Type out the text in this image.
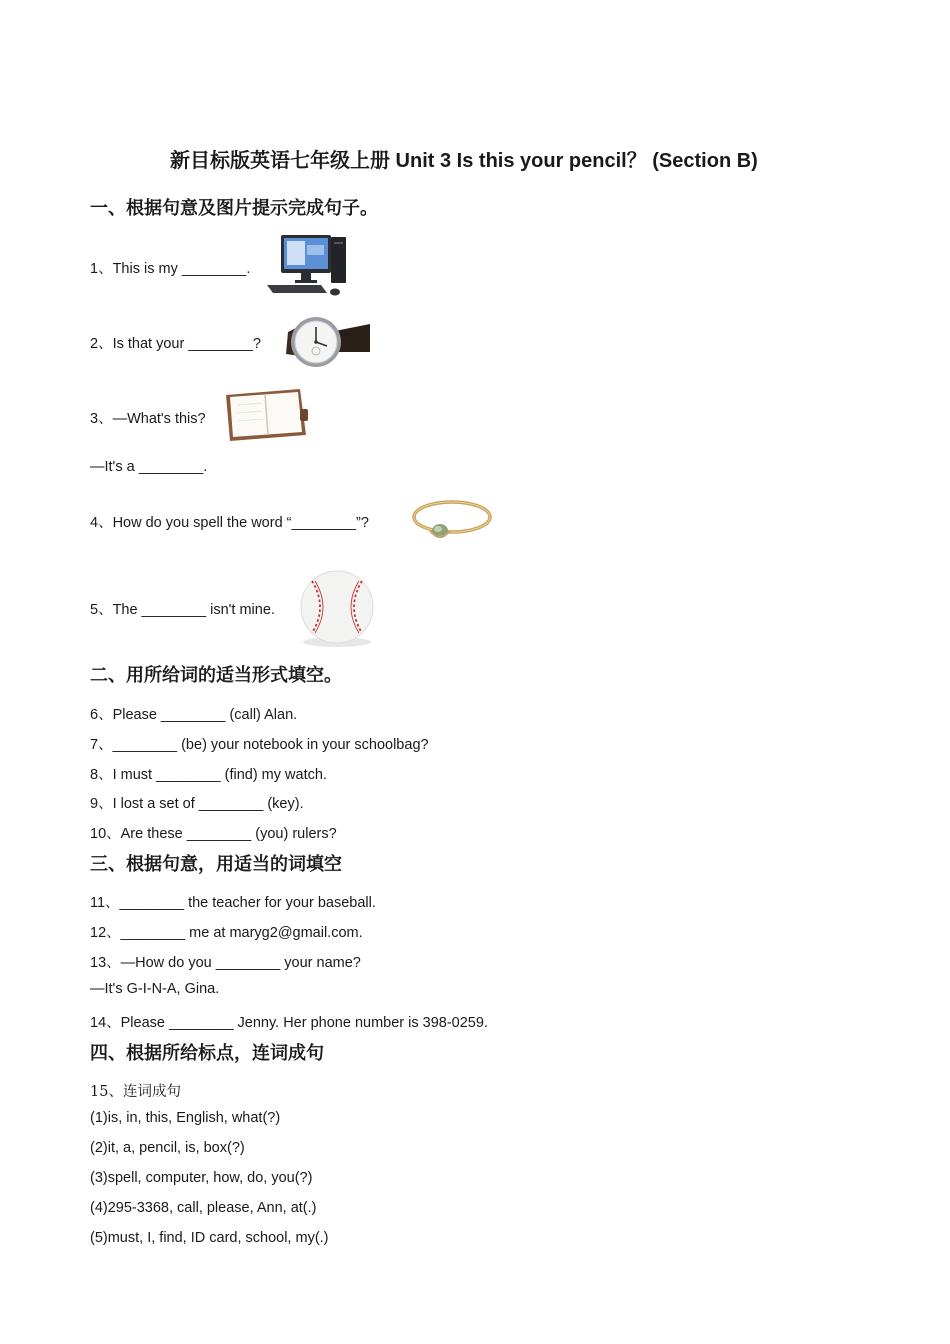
新目标版英语七年级上册 Unit 3 Is this your pencil？ (Section B)
一、根据句意及图片提示完成句子。
1、This is my ________.
2、Is that your ________?
3、—What's this?
—It's a ________.
4、How do you spell the word “________”?
5、The ________ isn't mine.
二、用所给词的适当形式填空。
6、Please ________ (call) Alan.
7、________ (be) your notebook in your schoolbag?
8、I must ________ (find) my watch.
9、I lost a set of ________ (key).
10、Are these ________ (you) rulers?
三、根据句意，用适当的词填空
11、________ the teacher for your baseball.
12、________ me at maryg2@gmail.com.
13、—How do you ________ your name?
—It's G-I-N-A, Gina.
14、Please ________ Jenny. Her phone number is 398-0259.
四、根据所给标点，连词成句
15、连词成句
(1)is, in, this, English, what(?)
(2)it, a, pencil, is, box(?)
(3)spell, computer, how, do, you(?)
(4)295-3368, call, please, Ann, at(.)
(5)must, I, find, ID card, school, my(.)
